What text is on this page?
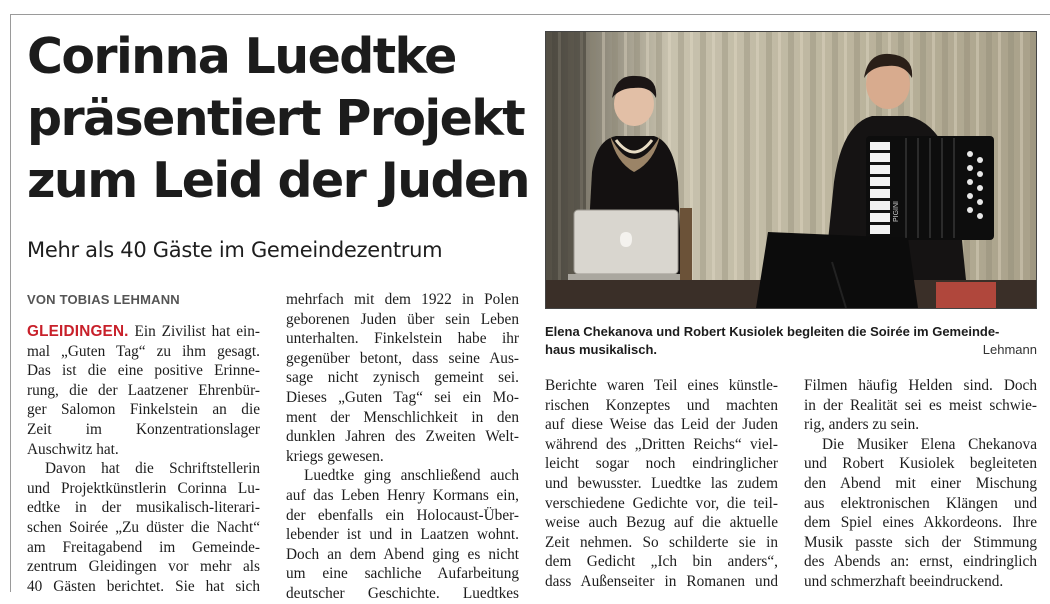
Corinna Luedtke
präsentiert Projekt
zum Leid der Juden
Mehr als 40 Gäste im Gemeindezentrum
VON TOBIAS LEHMANN

GLEIDINGEN. Ein Zivilist hat ein-
mal „Guten Tag“ zu ihm gesagt.
Das ist die eine positive Erinne-
rung, die der Laatzener Ehrenbür-
ger Salomon Finkelstein an die
Zeit im Konzentrationslager
Auschwitz hat.

Davon hat die Schriftstellerin
und Projektkünstlerin Corinna Lu-
edtke in der musikalisch-literari-
schen Soirée „Zu düster die Nacht“
am Freitagabend im Gemeinde-
zentrum Gleidingen vor mehr als
40 Gästen berichtet. Sie hat sich

mehrfach mit dem 1922 in Polen
geborenen Juden über sein Leben
unterhalten. Finkelstein habe ihr
gegenüber betont, dass seine Aus-
sage nicht zynisch gemeint sei.
Dieses „Guten Tag“ sei ein Mo-
ment der Menschlichkeit in den
dunklen Jahren des Zweiten Welt-
kriegs gewesen.

Luedtke ging anschließend auch
auf das Leben Henry Kormans ein,
der ebenfalls ein Holocaust-Über-
lebender ist und in Laatzen wohnt.
Doch an dem Abend ging es nicht
um eine sachliche Aufarbeitung
deutscher Geschichte. Luedtkes

PIGINI
Elena Chekanova und Robert Kusiolek begleiten die Soirée im Gemeinde-
haus musikalisch.	Lehmann

Berichte waren Teil eines künstle-
rischen Konzeptes und machten
auf diese Weise das Leid der Juden
während des „Dritten Reichs“ viel-
leicht sogar noch eindringlicher
und bewusster. Luedtke las zudem
verschiedene Gedichte vor, die teil-
weise auch Bezug auf die aktuelle
Zeit nehmen. So schilderte sie in
dem Gedicht „Ich bin anders“,
dass Außenseiter in Romanen und

Filmen häufig Helden sind. Doch
in der Realität sei es meist schwie-
rig, anders zu sein.

Die Musiker Elena Chekanova
und Robert Kusiolek begleiteten
den Abend mit einer Mischung
aus elektronischen Klängen und
dem Spiel eines Akkordeons. Ihre
Musik passte sich der Stimmung
des Abends an: ernst, eindringlich
und schmerzhaft beeindruckend.
